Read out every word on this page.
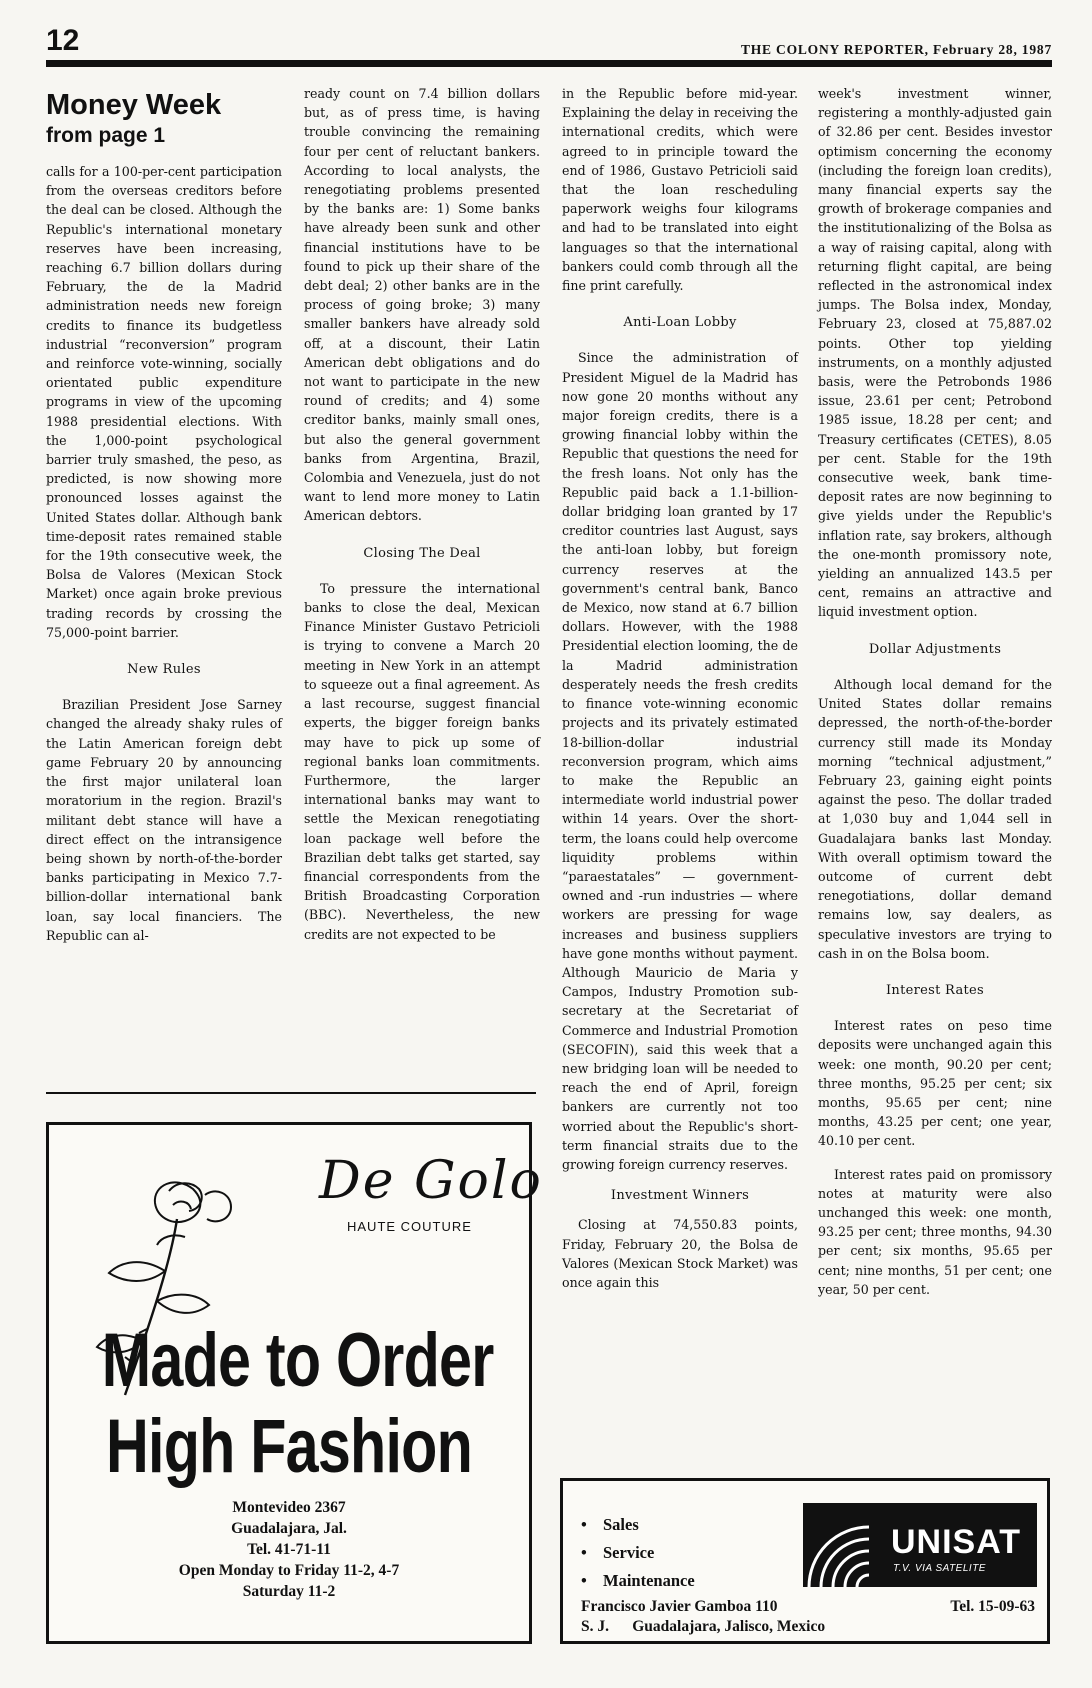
12	THE COLONY REPORTER, February 28, 1987
Money Week
from page 1

calls for a 100-per-cent participation from the overseas creditors before the deal can be closed. Although the Republic's international monetary reserves have been increasing, reaching 6.7 billion dollars during February, the de la Madrid administration needs new foreign credits to finance its budgetless industrial “reconversion” program and reinforce vote-winning, socially orientated public expenditure programs in view of the upcoming 1988 presidential elections. With the 1,000-point psychological barrier truly smashed, the peso, as predicted, is now showing more pronounced losses against the United States dollar. Although bank time-deposit rates remained stable for the 19th consecutive week, the Bolsa de Valores (Mexican Stock Market) once again broke previous trading records by crossing the 75,000-point barrier.

New Rules

Brazilian President Jose Sarney changed the already shaky rules of the Latin American foreign debt game February 20 by announcing the first major unilateral loan moratorium in the region. Brazil's militant debt stance will have a direct effect on the intransigence being shown by north-of-the-border banks participating in Mexico 7.7-billion-dollar international bank loan, say local financiers. The Republic can al-

ready count on 7.4 billion dollars but, as of press time, is having trouble convincing the remaining four per cent of reluctant bankers. According to local analysts, the renegotiating problems presented by the banks are: 1) Some banks have already been sunk and other financial institutions have to be found to pick up their share of the debt deal; 2) other banks are in the process of going broke; 3) many smaller bankers have already sold off, at a discount, their Latin American debt obligations and do not want to participate in the new round of credits; and 4) some creditor banks, mainly small ones, but also the general government banks from Argentina, Brazil, Colombia and Venezuela, just do not want to lend more money to Latin American debtors.

Closing The Deal

To pressure the international banks to close the deal, Mexican Finance Minister Gustavo Petricioli is trying to convene a March 20 meeting in New York in an attempt to squeeze out a final agreement. As a last recourse, suggest financial experts, the bigger foreign banks may have to pick up some of regional banks loan commitments. Furthermore, the larger international banks may want to settle the Mexican renegotiating loan package well before the Brazilian debt talks get started, say financial correspondents from the British Broadcasting Corporation (BBC). Nevertheless, the new credits are not expected to be

in the Republic before mid-year. Explaining the delay in receiving the international credits, which were agreed to in principle toward the end of 1986, Gustavo Petricioli said that the loan rescheduling paperwork weighs four kilograms and had to be translated into eight languages so that the international bankers could comb through all the fine print carefully.

Anti-Loan Lobby

Since the administration of President Miguel de la Madrid has now gone 20 months without any major foreign credits, there is a growing financial lobby within the Republic that questions the need for the fresh loans. Not only has the Republic paid back a 1.1-billion-dollar bridging loan granted by 17 creditor countries last August, says the anti-loan lobby, but foreign currency reserves at the government's central bank, Banco de Mexico, now stand at 6.7 billion dollars. However, with the 1988 Presidential election looming, the de la Madrid administration desperately needs the fresh credits to finance vote-winning economic projects and its privately estimated 18-billion-dollar industrial reconversion program, which aims to make the Republic an intermediate world industrial power within 14 years. Over the short-term, the loans could help overcome liquidity problems within “paraestatales” — government-owned and -run industries — where workers are pressing for wage increases and business suppliers have gone months without payment. Although Mauricio de Maria y Campos, Industry Promotion sub-secretary at the Secretariat of Commerce and Industrial Promotion (SECOFIN), said this week that a new bridging loan will be needed to reach the end of April, foreign bankers are currently not too worried about the Republic's short-term financial straits due to the growing foreign currency reserves.

Investment Winners

Closing at 74,550.83 points, Friday, February 20, the Bolsa de Valores (Mexican Stock Market) was once again this

week's investment winner, registering a monthly-adjusted gain of 32.86 per cent. Besides investor optimism concerning the economy (including the foreign loan credits), many financial experts say the growth of brokerage companies and the institutionalizing of the Bolsa as a way of raising capital, along with returning flight capital, are being reflected in the astronomical index jumps. The Bolsa index, Monday, February 23, closed at 75,887.02 points. Other top yielding instruments, on a monthly adjusted basis, were the Petrobonds 1986 issue, 23.61 per cent; Petrobond 1985 issue, 18.28 per cent; and Treasury certificates (CETES), 8.05 per cent. Stable for the 19th consecutive week, bank time-deposit rates are now beginning to give yields under the Republic's inflation rate, say brokers, although the one-month promissory note, yielding an annualized 143.5 per cent, remains an attractive and liquid investment option.

Dollar Adjustments

Although local demand for the United States dollar remains depressed, the north-of-the-border currency still made its Monday morning “technical adjustment,” February 23, gaining eight points against the peso. The dollar traded at 1,030 buy and 1,044 sell in Guadalajara banks last Monday. With overall optimism toward the outcome of current debt renegotiations, dollar demand remains low, say dealers, as speculative investors are trying to cash in on the Bolsa boom.

Interest Rates

Interest rates on peso time deposits were unchanged again this week: one month, 90.20 per cent; three months, 95.25 per cent; six months, 95.65 per cent; nine months, 43.25 per cent; one year, 40.10 per cent.

Interest rates paid on promissory notes at maturity were also unchanged this week: one month, 93.25 per cent; three months, 94.30 per cent; six months, 95.65 per cent; nine months, 51 per cent; one year, 50 per cent.

De Golo
HAUTE COUTURE
Made to Order
High Fashion
Montevideo 2367
Guadalajara, Jal.
Tel. 41-71-11
Open Monday to Friday 11-2, 4-7
Saturday 11-2
• Sales
• Service
• Maintenance
UNISAT
T.V. VIA SATELITE
Francisco Javier Gamboa 110	Tel. 15-09-63
S. J.      Guadalajara, Jalisco, Mexico
